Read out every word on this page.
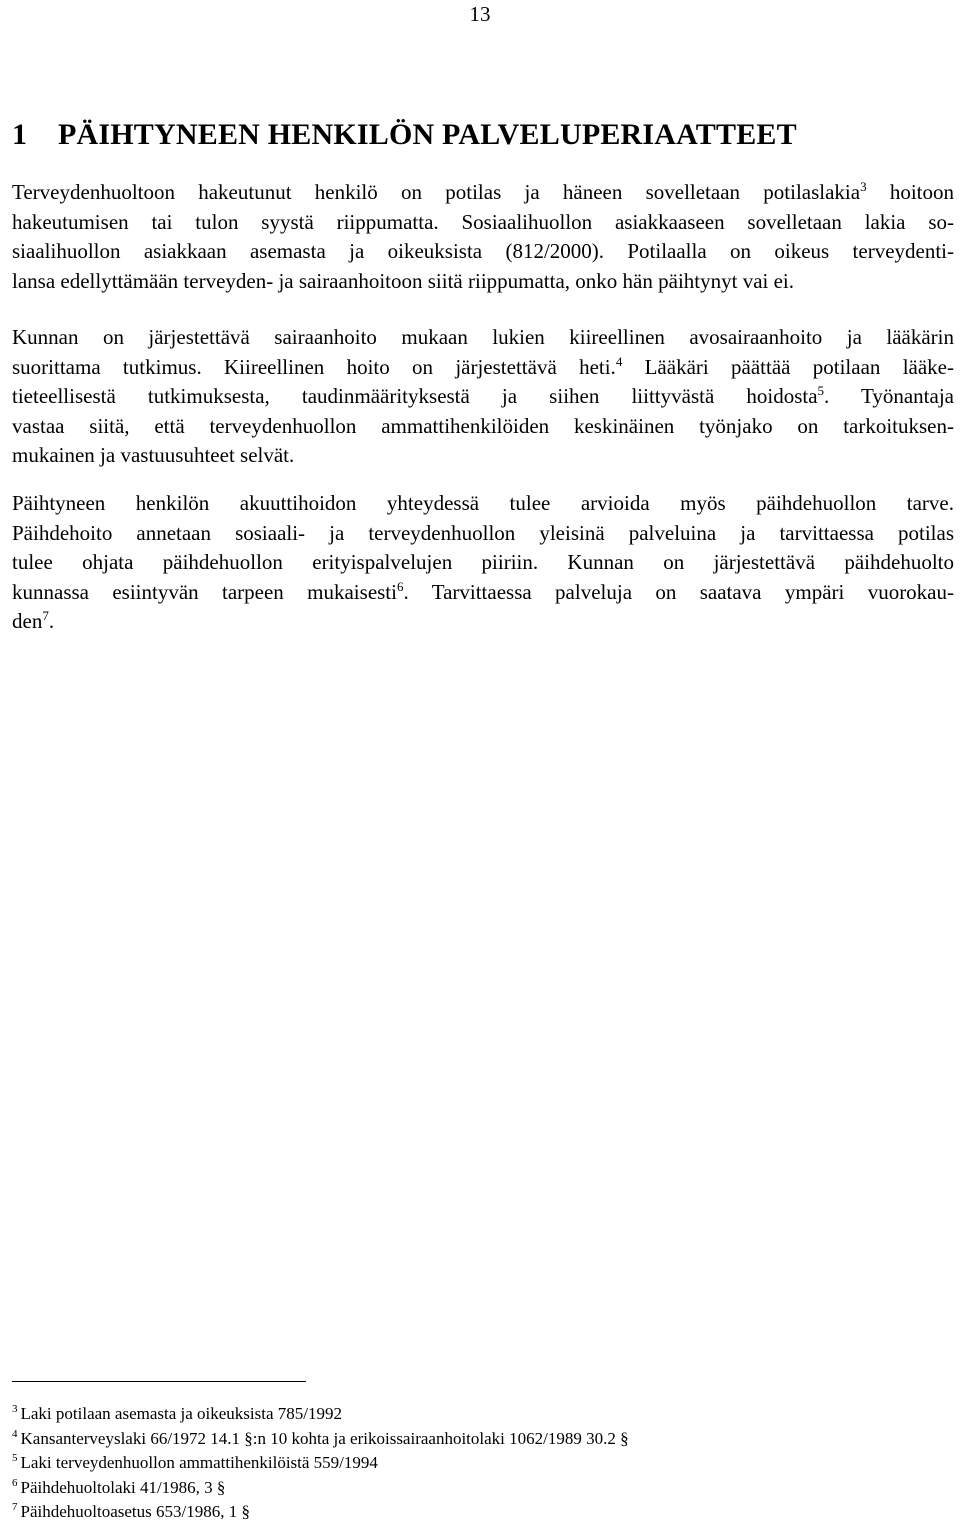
13
1 PÄIHTYNEEN HENKILÖN PALVELUPERIAATTEET
Terveydenhuoltoon hakeutunut henkilö on potilas ja häneen sovelletaan potilaslakia$^3$ hoitoon
hakeutumisen tai tulon syystä riippumatta. Sosiaalihuollon asiakkaaseen sovelletaan lakia so-
siaalihuollon asiakkaan asemasta ja oikeuksista (812/2000). Potilaalla on oikeus terveydenti-
lansa edellyttämään terveyden- ja sairaanhoitoon siitä riippumatta, onko hän päihtynyt vai ei.
Kunnan on järjestettävä sairaanhoito mukaan lukien kiireellinen avosairaanhoito ja lääkärin
suorittama tutkimus. Kiireellinen hoito on järjestettävä heti.$^4$ Lääkäri päättää potilaan lääke-
tieteellisestä tutkimuksesta, taudinmäärityksestä ja siihen liittyvästä hoidosta$^5$. Työnantaja
vastaa siitä, että terveydenhuollon ammattihenkilöiden keskinäinen työnjako on tarkoituksen-
mukainen ja vastuusuhteet selvät.
Päihtyneen henkilön akuuttihoidon yhteydessä tulee arvioida myös päihdehuollon tarve.
Päihdehoito annetaan sosiaali- ja terveydenhuollon yleisinä palveluina ja tarvittaessa potilas
tulee ohjata päihdehuollon erityispalvelujen piiriin. Kunnan on järjestettävä päihdehuolto
kunnassa esiintyvän tarpeen mukaisesti$^6$. Tarvittaessa palveluja on saatava ympäri vuorokau-
den$^7$.
$^3$ Laki potilaan asemasta ja oikeuksista 785/1992
$^4$ Kansanterveyslaki 66/1972 14.1 §:n 10 kohta ja erikoissairaanhoitolaki 1062/1989 30.2 §
$^5$ Laki terveydenhuollon ammattihenkilöistä 559/1994
$^6$ Päihdehuoltolaki 41/1986, 3 §
$^7$ Päihdehuoltoasetus 653/1986, 1 §
